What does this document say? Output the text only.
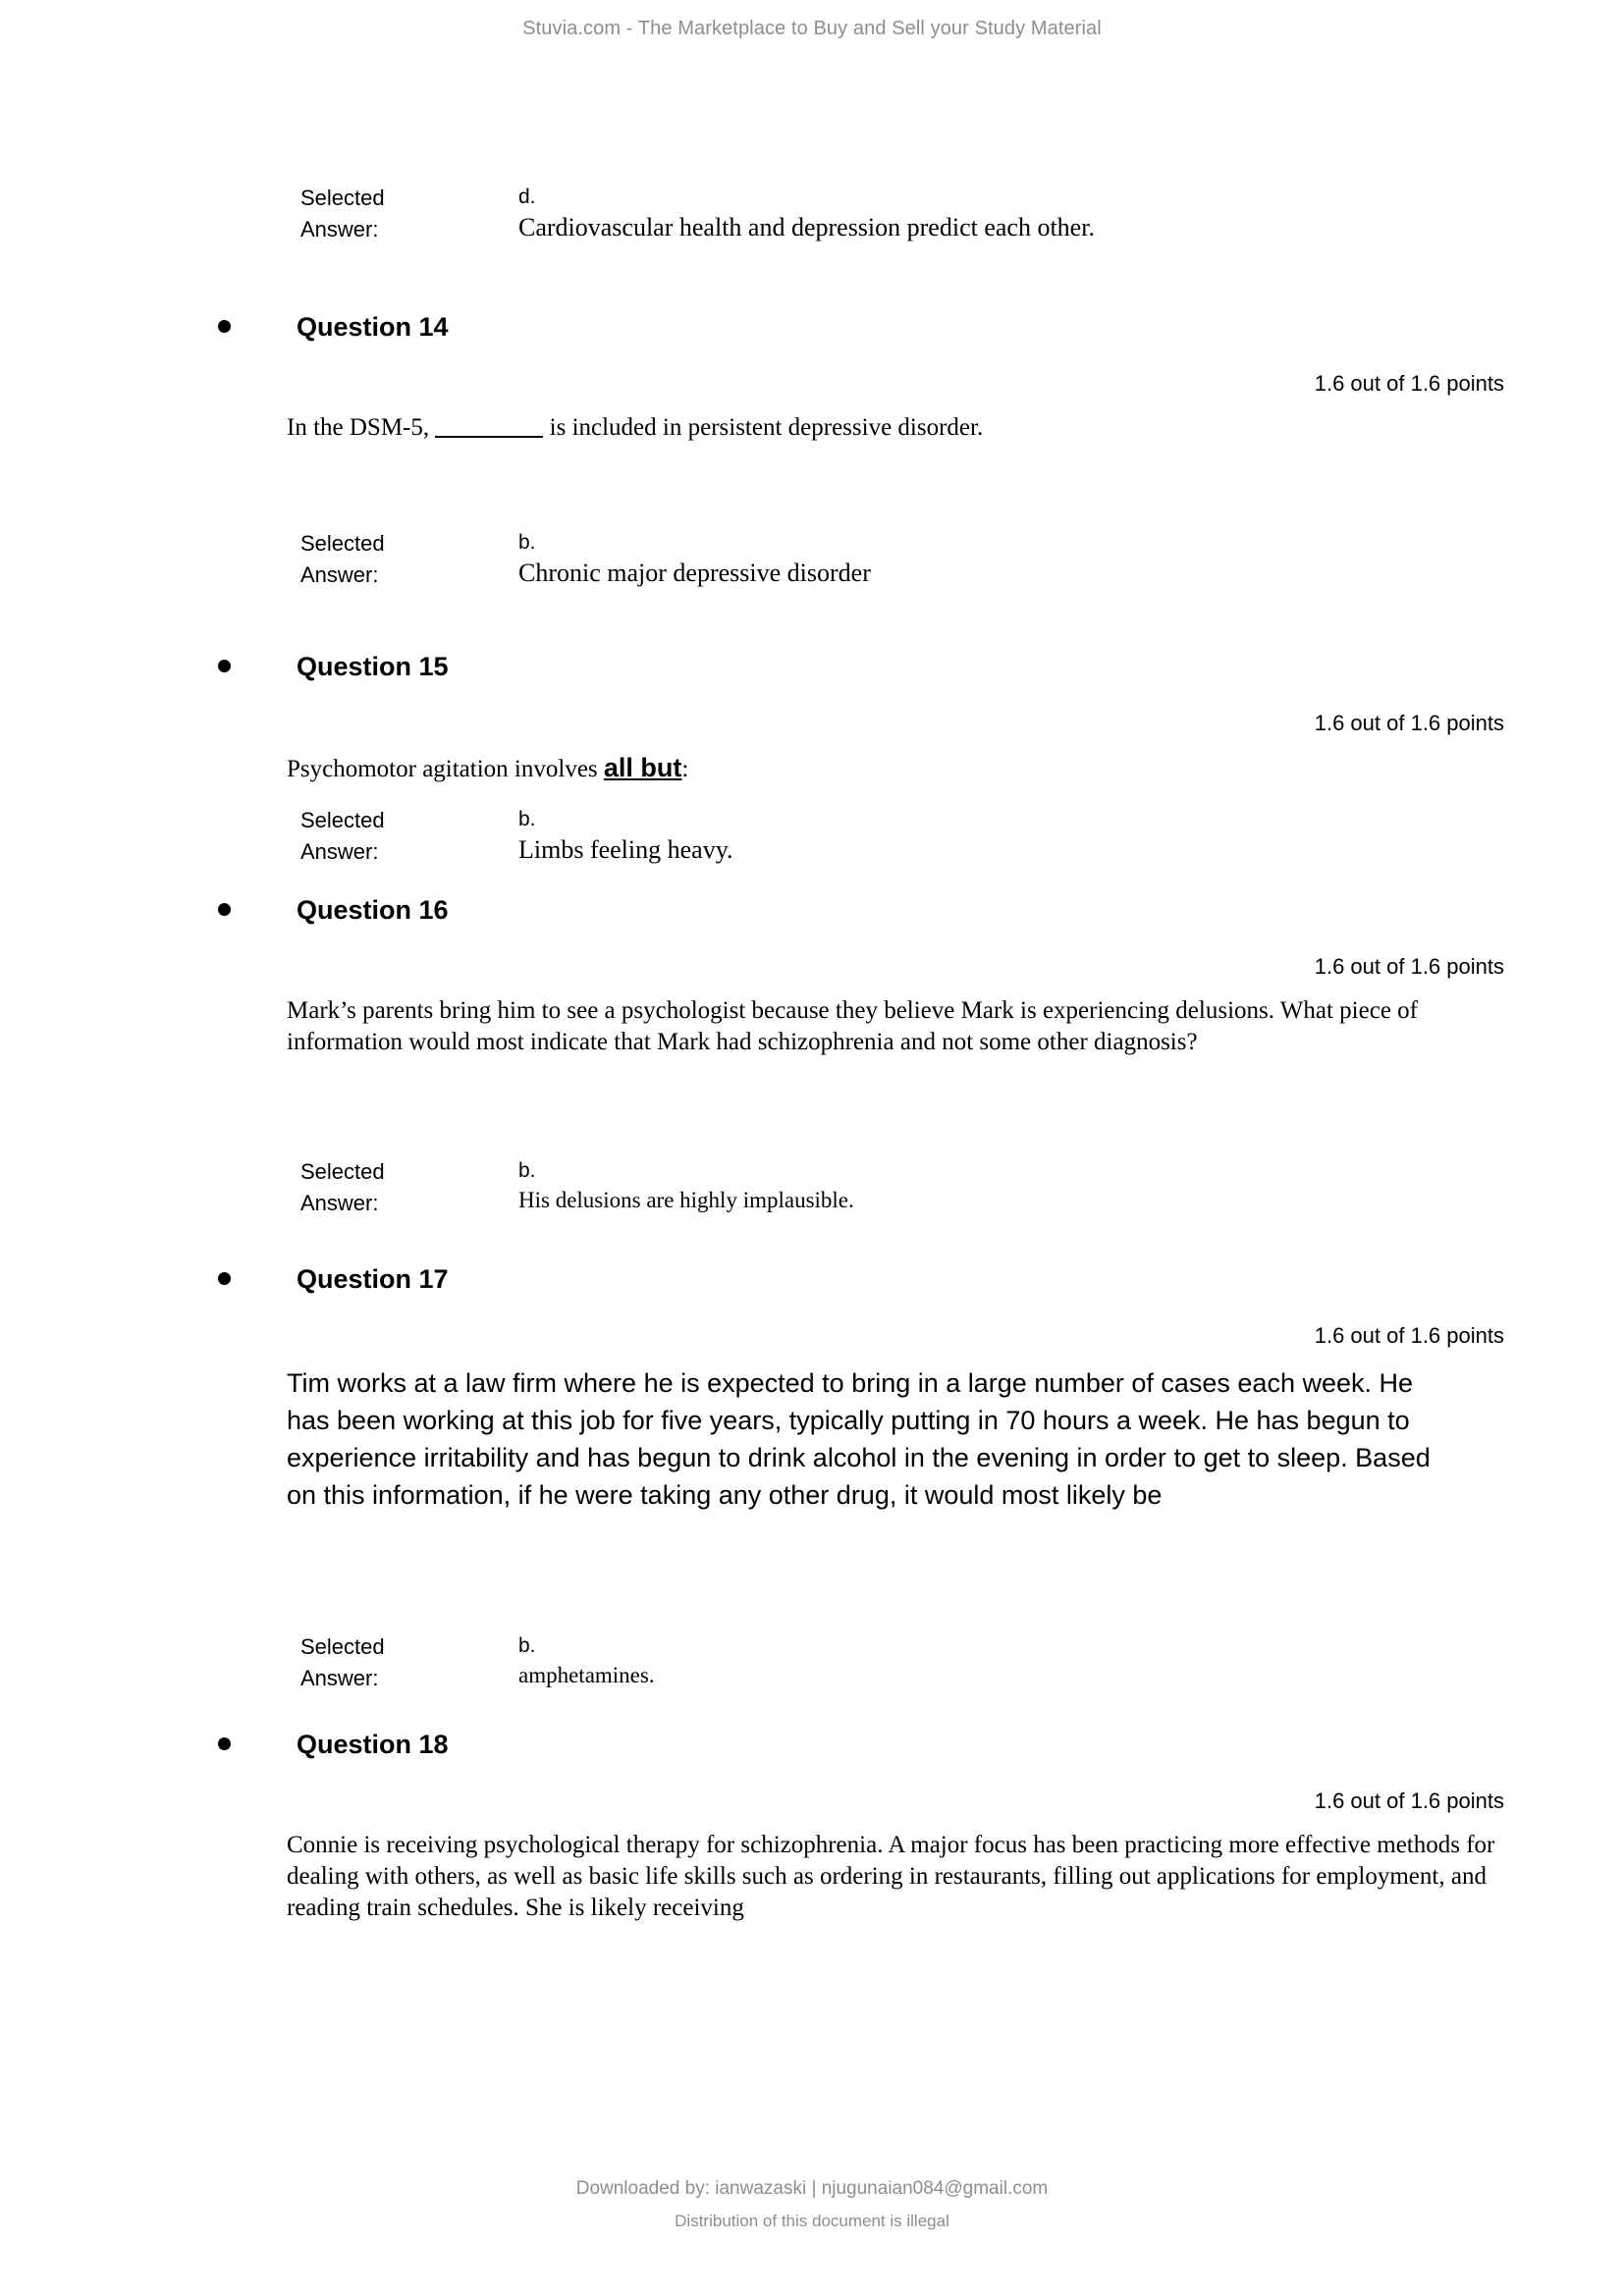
Stuvia.com - The Marketplace to Buy and Sell your Study Material
Selected
Answer:
d.
Cardiovascular health and depression predict each other.
Question 14
1.6 out of 1.6 points
In the DSM-5,	is included in persistent depressive disorder.
Selected
Answer:
b.
Chronic major depressive disorder
Question 15
1.6 out of 1.6 points
Psychomotor agitation involves all but:
Selected
Answer:
b.
Limbs feeling heavy.
Question 16
1.6 out of 1.6 points
Mark’s parents bring him to see a psychologist because they believe Mark is experiencing delusions. What piece of information would most indicate that Mark had schizophrenia and not some other diagnosis?
Selected
Answer:
b.
His delusions are highly implausible.
Question 17
1.6 out of 1.6 points
Tim works at a law firm where he is expected to bring in a large number of cases each week. He has been working at this job for five years, typically putting in 70 hours a week. He has begun to experience irritability and has begun to drink alcohol in the evening in order to get to sleep. Based on this information, if he were taking any other drug, it would most likely be
Selected
Answer:
b.
amphetamines.
Question 18
1.6 out of 1.6 points
Connie is receiving psychological therapy for schizophrenia. A major focus has been practicing more effective methods for dealing with others, as well as basic life skills such as ordering in restaurants, filling out applications for employment, and reading train schedules. She is likely receiving
Downloaded by: ianwazaski | njugunaian084@gmail.com
Distribution of this document is illegal
